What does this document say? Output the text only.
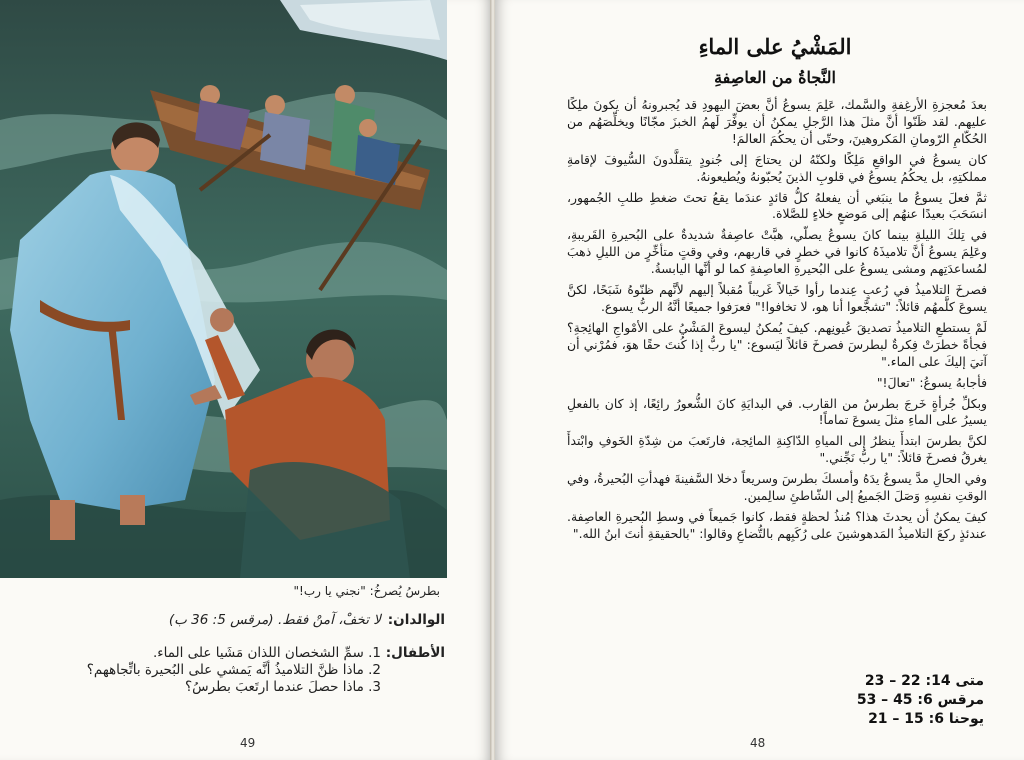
بطرسُ يُصرخُ: "نجني يا رب!"
الوالدان:
لا تخفْ، آمنْ فقط. (مرقس 5: 36 ب)
الأطفال:
1. سمِّ الشخصان اللذان مَشَيا على الماء.
2. ماذا ظنَّ التلاميذُ أنَّه يَمشي على البُحيرة باتِّجاههم؟
3. ماذا حصلَ عندما ارتَعبَ بطرسُ؟
49
المَشْيُ على الماءِ
النَّجاةُ من العاصِفةِ

بعدَ مُعجزةِ الأرغِفةِ والسَّمك، عَلِمَ يسوعُ أنَّ بعضَ اليهودِ قد يُجبرونهُ أن يكونَ ملِكًا عليهم. لقد ظَنّوا أنَّ مثلَ هذا الرَّجلِ يمكنُ أن يوفِّرَ لَهمُ الخبزَ مجّانًا ويخلِّصَهُم من الحُكّامِ الرّومانِ المَكروهينَ، وحتّى أن يحكُمَ العالمَ!

كان يسوعُ في الواقعِ مَلِكًا ولكنّهُ لن يحتاجَ إلى جُنودٍ يتقلَّدونَ السُّيوفَ لإقامةِ مملكتِهِ، بل يحكُمُ يسوعُ في قلوبِ الذينَ يُحبّونهُ ويُطيعونهُ.

ثمَّ فعلَ يسوعُ ما ينبَغي أن يفعلهُ كلُّ قائدٍ عندَما يقعُ تحتَ ضغطِ طلبِ الجُمهور، انسَحَبَ بعيدًا عنهُم إلى مَوضعٍ خلاءٍ للصَّلاة.

في تِلكَ الليلةِ بينما كانَ يسوعُ يصلّي، هبَّتْ عاصِفةٌ شديدةٌ على البُحيرةِ القَريبةِ، وعَلِمَ يسوعُ أنَّ تلاميذَهُ كانوا في خطرٍ في قاربهم، وفي وقتٍ متأخِّرٍ من الليلِ ذهبَ لمُساعدَتِهم ومشى يسوعُ على البُحيرةِ العاصِفةِ كما لو أنَّها اليابسةُ.

فصرخَ التلاميذُ في رُعبٍ عِندما رأوا خَيالاً غَريباً مُقبلاً إليهم لأنَّهم ظنّوهُ شَبَحًا، لكنَّ يسوعَ كلَّمهُم قائلاً: "تشجَّعوا أنا هو، لا تخافوا!" فعرَفوا جميعًا أنَّهُ الربُّ يسوع.

لَمْ يستطعِ التلاميذُ تصديقَ عُيونِهم. كيفَ يُمكنُ ليسوعَ المَشْيُ على الأمْواجِ الهائِجةِ؟ فجأةً خطرَتْ فِكرةٌ لبطرسَ فصرخَ قائلاً ليَسوع: "يا ربُّ إذا كُنتَ حقًا هوَ، فمُرْني أن آتيَ إليكَ على الماء."

فأجابهُ يسوعُ: "تعالَ!"

وبكلِّ جُرأةٍ خَرجَ بطرسُ من القارب. في البدايَةِ كانَ الشُّعورُ رائِعًا، إذ كان بالفعلِ يسيرُ على الماءِ مثلَ يسوعَ تماماً!

لكنَّ بطرسَ ابتدأَ ينظرُ إلى المياهِ الدّاكِنةِ المائِجة، فارتَعبَ من شِدّةِ الخَوفِ وابْتدأَ يغرقُ فصرخَ قائلاً: "يا ربُّ نَجِّني."

وفي الحالِ مدَّ يسوعُ يدَهُ وأمسكَ بطرسَ وسريعاً دخلا السَّفينةَ فهدأتِ البُحيرةُ، وفي الوقتِ نفسِهِ وَصَلَ الجَميعُ إلى الشّاطئِ سالِمين.

كيفَ يمكنُ أن يحدثَ هذا؟ مُنذُ لحظةٍ فقط، كانوا جَميعاً في وسطِ البُحيرةِ العاصِفة. عندئذٍ ركعَ التلاميذُ المَدهوشينَ على رُكَبِهم بالتُّضاعِ وقالوا: "بالحقيقةِ أنتَ ابنُ الله."

متى 14: 22 – 23
مرقس 6: 45 – 53
يوحنا 6: 15 – 21
48
